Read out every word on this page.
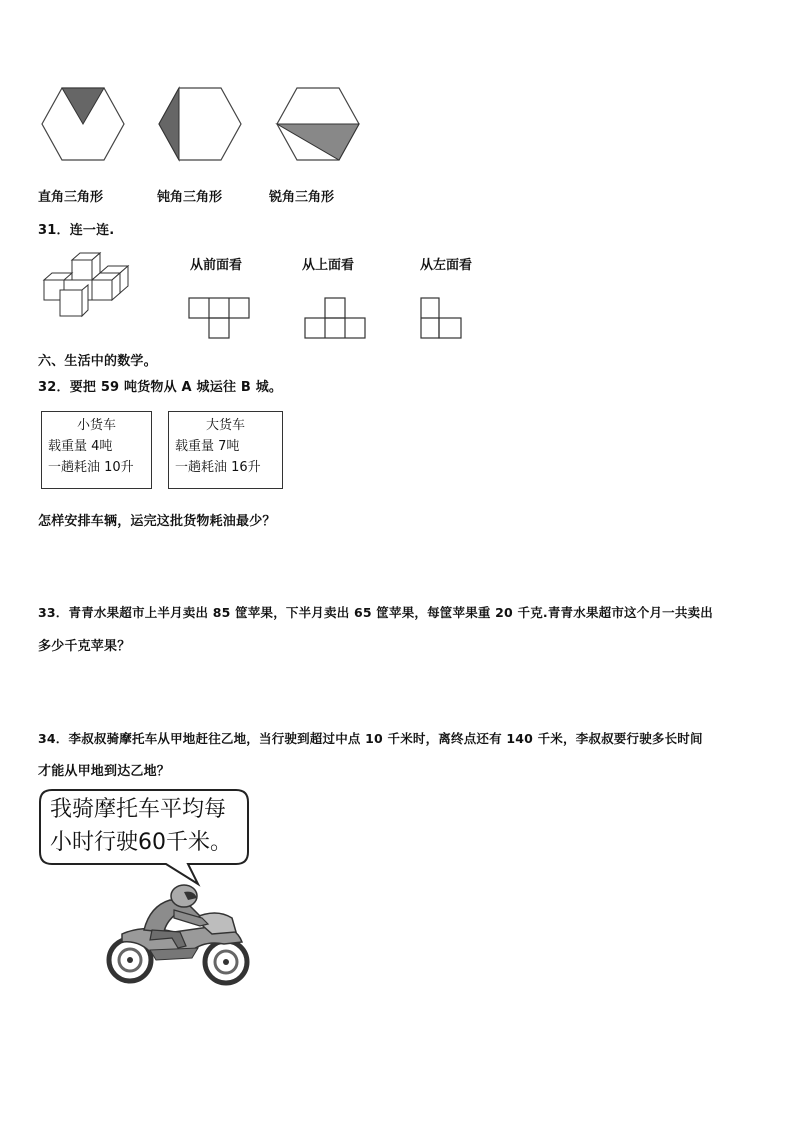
直角三角形	钝角三角形	锐角三角形
31．连一连.
从前面看	从上面看	从左面看
六、生活中的数学。
32．要把 59 吨货物从 A 城运往 B 城。
小货车
载重量 4吨
一趟耗油 10升
大货车
载重量 7吨
一趟耗油 16升
怎样安排车辆，运完这批货物耗油最少？
33．青青水果超市上半月卖出 85 筐苹果，下半月卖出 65 筐苹果，每筐苹果重 20 千克.青青水果超市这个月一共卖出
多少千克苹果？
34．李叔叔骑摩托车从甲地赶往乙地，当行驶到超过中点 10 千米时，离终点还有 140 千米，李叔叔要行驶多长时间
才能从甲地到达乙地？
我骑摩托车平均每
小时行驶60千米。
